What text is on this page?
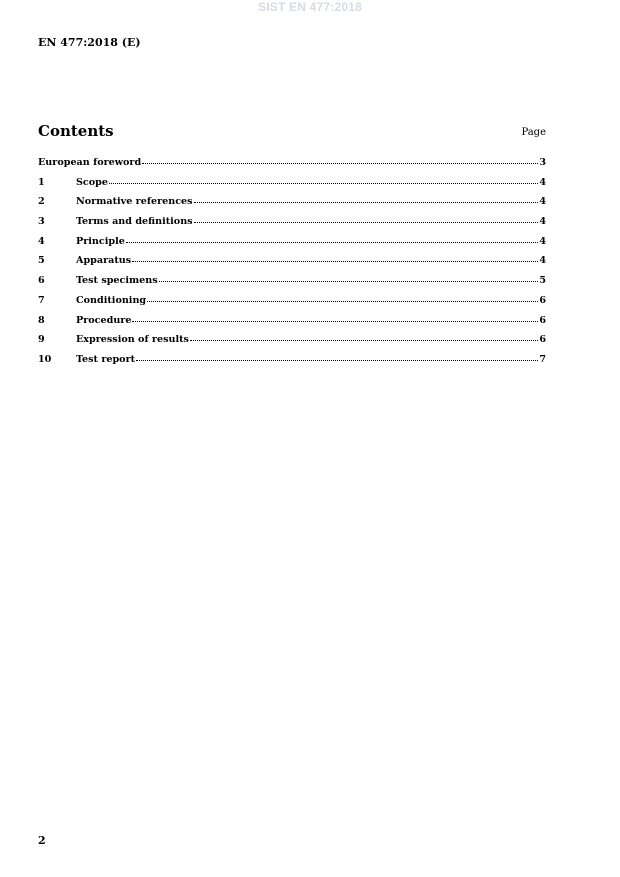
SIST EN 477:2018
EN 477:2018 (E)
Contents	Page
European foreword	3
1	Scope	4
2	Normative references	4
3	Terms and definitions	4
4	Principle	4
5	Apparatus	4
6	Test specimens	5
7	Conditioning	6
8	Procedure	6
9	Expression of results	6
10	Test report	7
2
